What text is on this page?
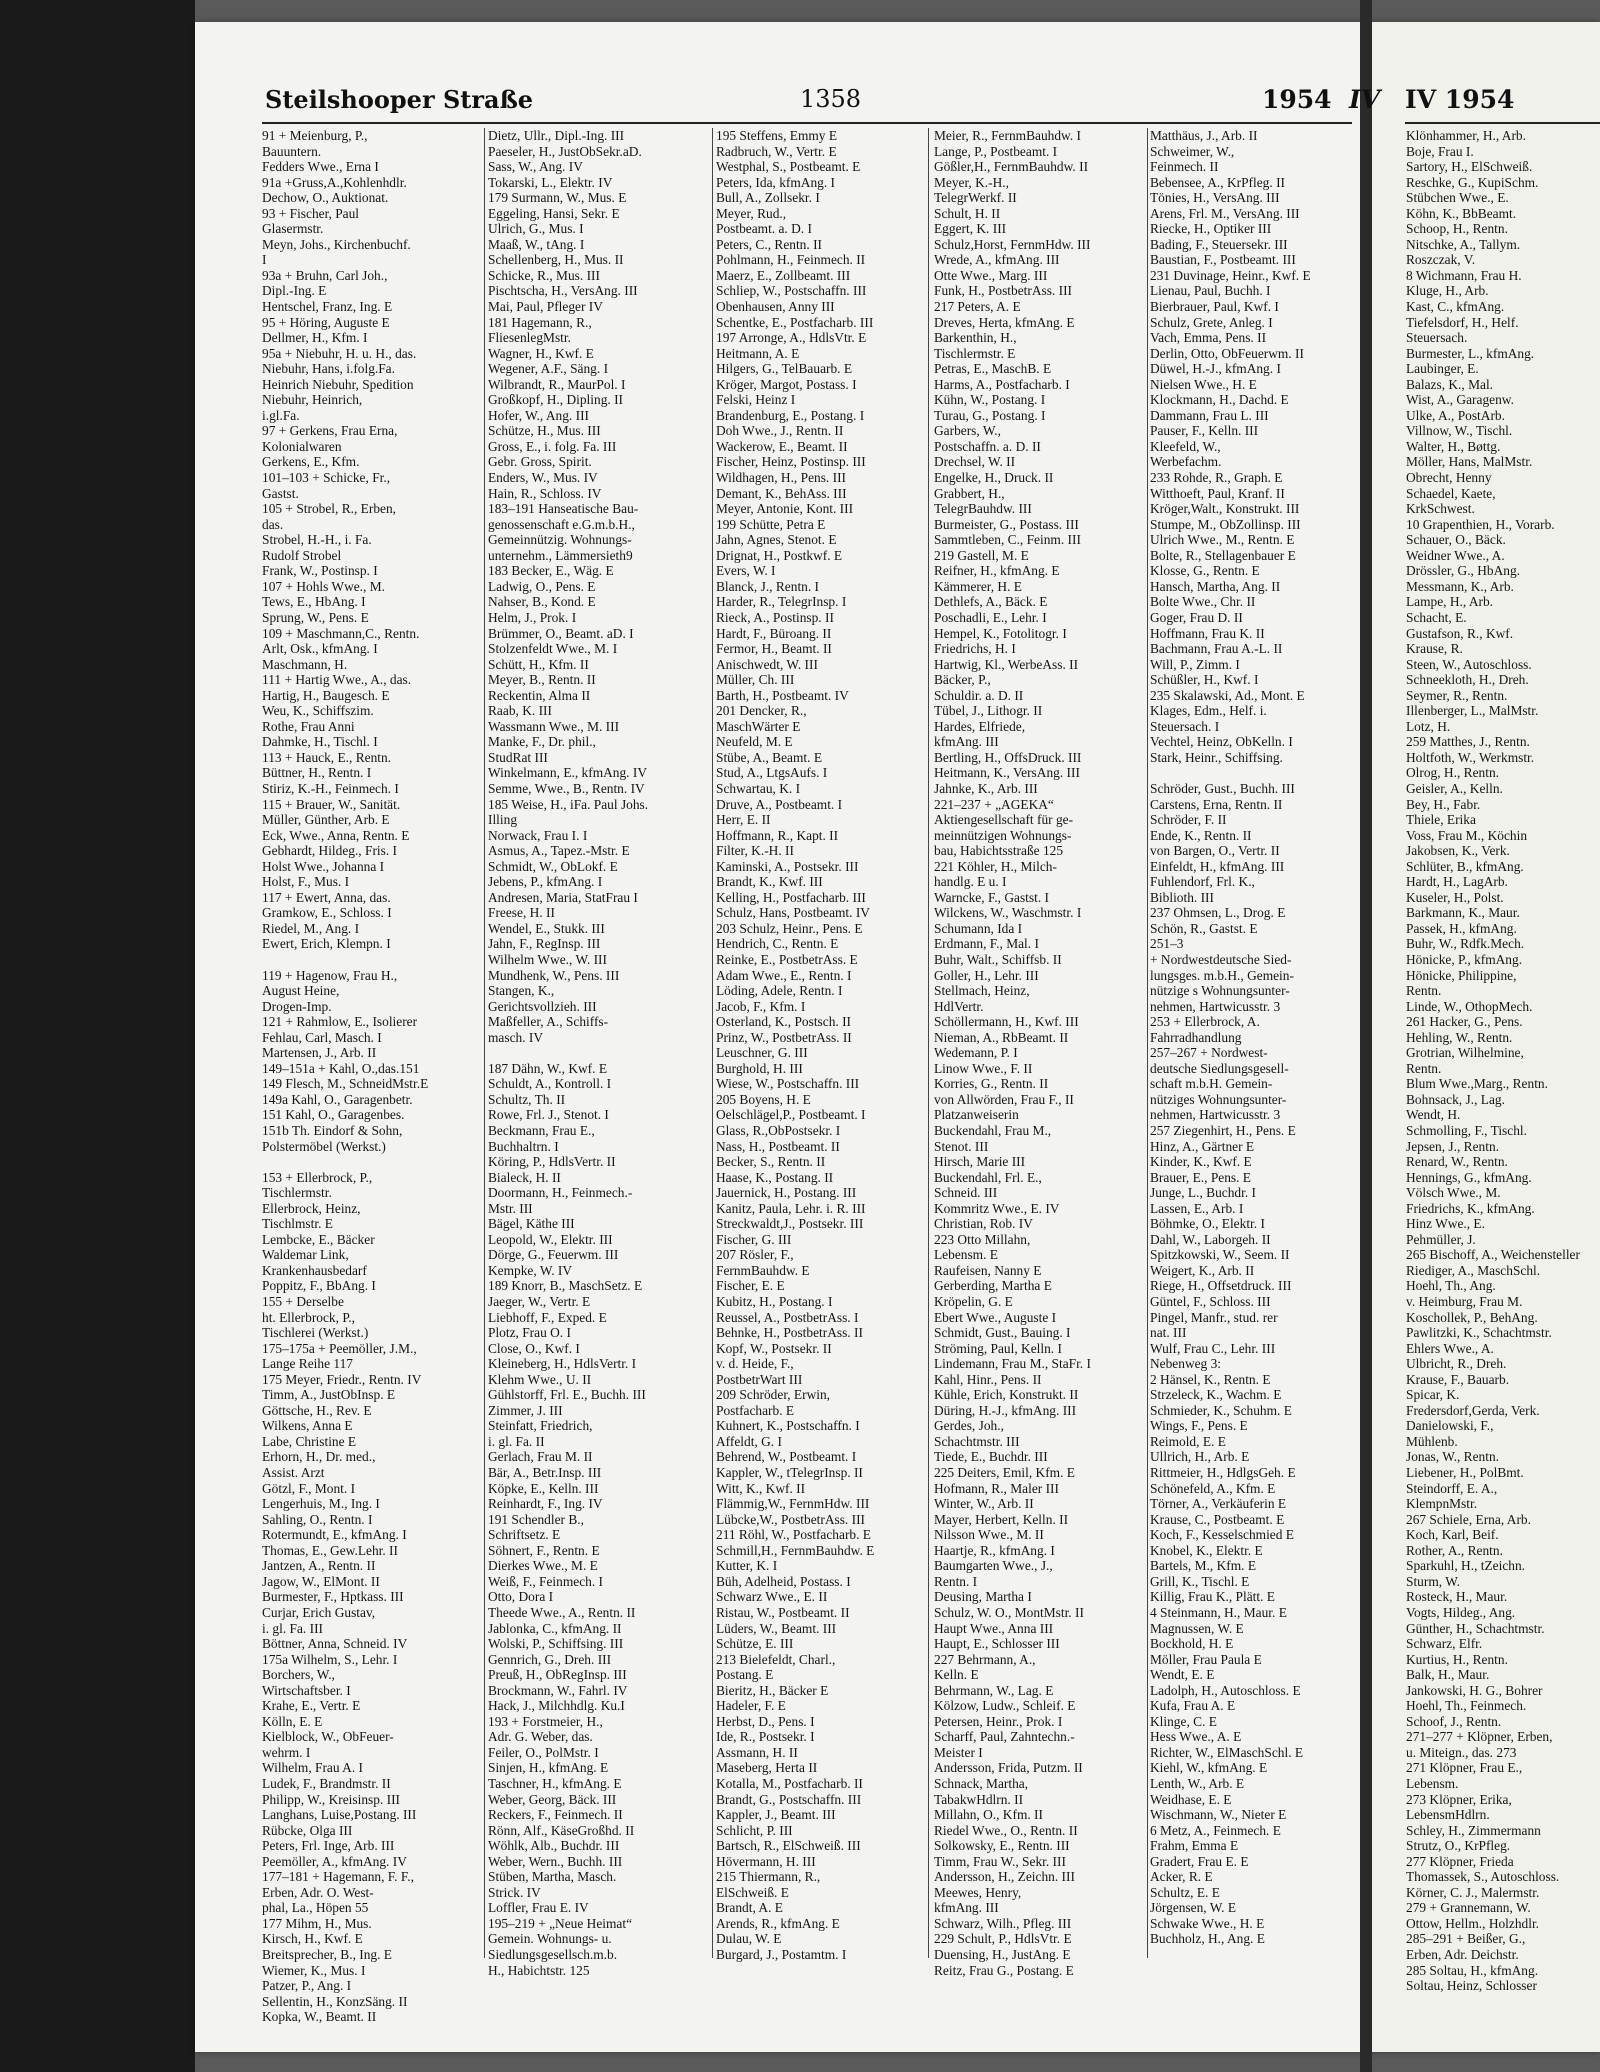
Steilshooper Straße	1358	1954 IV IV 1954
91 + Meienburg, P.,
Bauuntern.
Fedders Wwe., Erna I
91a +Gruss,A.,Kohlenhdlr.
Dechow, O., Auktionat.
93 + Fischer, Paul
Glasermstr.
Meyn, Johs., Kirchenbuchf.
I
93a + Bruhn, Carl Joh.,
Dipl.-Ing. E
Hentschel, Franz, Ing. E
95 + Höring, Auguste E
Dellmer, H., Kfm. I
95a + Niebuhr, H. u. H., das.
Niebuhr, Hans, i.folg.Fa.
Heinrich Niebuhr, Spedition
Niebuhr, Heinrich,
i.gl.Fa.
97 + Gerkens, Frau Erna,
Kolonialwaren
Gerkens, E., Kfm.
101–103 + Schicke, Fr.,
Gastst.
105 + Strobel, R., Erben,
das.
Strobel, H.-H., i. Fa.
Rudolf Strobel
Frank, W., Postinsp. I
107 + Hohls Wwe., M.
Tews, E., HbAng. I
Sprung, W., Pens. E
109 + Maschmann,C., Rentn.
Arlt, Osk., kfmAng. I
Maschmann, H.
111 + Hartig Wwe., A., das.
Hartig, H., Baugesch. E
Weu, K., Schiffszim.
Rothe, Frau Anni
Dahmke, H., Tischl. I
113 + Hauck, E., Rentn.
Büttner, H., Rentn. I
Stiriz, K.-H., Feinmech. I
115 + Brauer, W., Sanität.
Müller, Günther, Arb. E
Eck, Wwe., Anna, Rentn. E
Gebhardt, Hildeg., Fris. I
Holst Wwe., Johanna I
Holst, F., Mus. I
117 + Ewert, Anna, das.
Gramkow, E., Schloss. I
Riedel, M., Ang. I
Ewert, Erich, Klempn. I
119 + Hagenow, Frau H.,
August Heine,
Drogen-Imp.
121 + Rahmlow, E., Isolierer
Fehlau, Carl, Masch. I
Martensen, J., Arb. II
149–151a + Kahl, O.,das.151
149 Flesch, M., SchneidMstr.E
149a Kahl, O., Garagenbetr.
151 Kahl, O., Garagenbes.
151b Th. Eindorf & Sohn,
Polstermöbel (Werkst.)
153 + Ellerbrock, P.,
Tischlermstr.
Ellerbrock, Heinz,
Tischlmstr. E
Lembcke, E., Bäcker
Waldemar Link,
Krankenhausbedarf
Poppitz, F., BbAng. I
155 + Derselbe
ht. Ellerbrock, P.,
Tischlerei (Werkst.)
175–175a + Peemöller, J.M.,
Lange Reihe 117
175 Meyer, Friedr., Rentn. IV
Timm, A., JustObInsp. E
Göttsche, H., Rev. E
Wilkens, Anna E
Labe, Christine E
Erhorn, H., Dr. med.,
Assist. Arzt
Götzl, F., Mont. I
Lengerhuis, M., Ing. I
Sahling, O., Rentn. I
Rotermundt, E., kfmAng. I
Thomas, E., Gew.Lehr. II
Jantzen, A., Rentn. II
Jagow, W., ElMont. II
Burmester, F., Hptkass. III
Curjar, Erich Gustav,
i. gl. Fa. III
Böttner, Anna, Schneid. IV
175a Wilhelm, S., Lehr. I
Borchers, W.,
Wirtschaftsber. I
Krahe, E., Vertr. E
Kölln, E. E
Kielblock, W., ObFeuer-
wehrm. I
Wilhelm, Frau A. I
Ludek, F., Brandmstr. II
Philipp, W., Kreisinsp. III
Langhans, Luise,Postang. III
Rübcke, Olga III
Peters, Frl. Inge, Arb. III
Peemöller, A., kfmAng. IV
177–181 + Hagemann, F. F.,
Erben, Adr. O. West-
phal, La., Höpen 55
177 Mihm, H., Mus.
Kirsch, H., Kwf. E
Breitsprecher, B., Ing. E
Wiemer, K., Mus. I
Patzer, P., Ang. I
Sellentin, H., KonzSäng. II
Kopka, W., Beamt. II
Dietz, Ullr., Dipl.-Ing. III
Paeseler, H., JustObSekr.aD.
Sass, W., Ang. IV
Tokarski, L., Elektr. IV
179 Surmann, W., Mus. E
Eggeling, Hansi, Sekr. E
Ulrich, G., Mus. I
Maaß, W., tAng. I
Schellenberg, H., Mus. II
Schicke, R., Mus. III
Pischtscha, H., VersAng. III
Mai, Paul, Pfleger IV
181 Hagemann, R.,
FliesenlegMstr.
Wagner, H., Kwf. E
Wegener, A.F., Säng. I
Wilbrandt, R., MaurPol. I
Großkopf, H., Dipling. II
Hofer, W., Ang. III
Schütze, H., Mus. III
Gross, E., i. folg. Fa. III
Gebr. Gross, Spirit.
Enders, W., Mus. IV
Hain, R., Schloss. IV
183–191 Hanseatische Bau-
genossenschaft e.G.m.b.H.,
Gemeinnützig. Wohnungs-
unternehm., Lämmersieth9
183 Becker, E., Wäg. E
Ladwig, O., Pens. E
Nahser, B., Kond. E
Helm, J., Prok. I
Brümmer, O., Beamt. aD. I
Stolzenfeldt Wwe., M. I
Schütt, H., Kfm. II
Meyer, B., Rentn. II
Reckentin, Alma II
Raab, K. III
Wassmann Wwe., M. III
Manke, F., Dr. phil.,
StudRat III
Winkelmann, E., kfmAng. IV
Semme, Wwe., B., Rentn. IV
185 Weise, H., iFa. Paul Johs.
Illing
Norwack, Frau I. I
Asmus, A., Tapez.-Mstr. E
Schmidt, W., ObLokf. E
Jebens, P., kfmAng. I
Andresen, Maria, StatFrau I
Freese, H. II
Wendel, E., Stukk. III
Jahn, F., RegInsp. III
Wilhelm Wwe., W. III
Mundhenk, W., Pens. III
Stangen, K.,
Gerichtsvollzieh. III
Maßfeller, A., Schiffs-
masch. IV
187 Dähn, W., Kwf. E
Schuldt, A., Kontroll. I
Schultz, Th. II
Rowe, Frl. J., Stenot. I
Beckmann, Frau E.,
Buchhaltrn. I
Köring, P., HdlsVertr. II
Bialeck, H. II
Doormann, H., Feinmech.-
Mstr. III
Bägel, Käthe III
Leopold, W., Elektr. III
Dörge, G., Feuerwm. III
Kempke, W. IV
189 Knorr, B., MaschSetz. E
Jaeger, W., Vertr. E
Liebhoff, F., Exped. E
Plotz, Frau O. I
Close, O., Kwf. I
Kleineberg, H., HdlsVertr. I
Klehm Wwe., U. II
Gühlstorff, Frl. E., Buchh. III
Zimmer, J. III
Steinfatt, Friedrich,
i. gl. Fa. II
Gerlach, Frau M. II
Bär, A., Betr.Insp. III
Köpke, E., Kelln. III
Reinhardt, F., Ing. IV
191 Schendler B.,
Schriftsetz. E
Söhnert, F., Rentn. E
Dierkes Wwe., M. E
Weiß, F., Feinmech. I
Otto, Dora I
Theede Wwe., A., Rentn. II
Jablonka, C., kfmAng. II
Wolski, P., Schiffsing. III
Gennrich, G., Dreh. III
Preuß, H., ObRegInsp. III
Brockmann, W., Fahrl. IV
Hack, J., Milchhdlg. Ku.I
193 + Forstmeier, H.,
Adr. G. Weber, das.
Feiler, O., PolMstr. I
Sinjen, H., kfmAng. E
Taschner, H., kfmAng. E
Weber, Georg, Bäck. III
Reckers, F., Feinmech. II
Rönn, Alf., KäseGroßhd. II
Wöhlk, Alb., Buchdr. III
Weber, Wern., Buchh. III
Stüben, Martha, Masch.
Strick. IV
Loffler, Frau E. IV
195–219 + „Neue Heimat“
Gemein. Wohnungs- u.
Siedlungsgesellsch.m.b.
H., Habichtstr. 125
195 Steffens, Emmy E
Radbruch, W., Vertr. E
Westphal, S., Postbeamt. E
Peters, Ida, kfmAng. I
Bull, A., Zollsekr. I
Meyer, Rud.,
Postbeamt. a. D. I
Peters, C., Rentn. II
Pohlmann, H., Feinmech. II
Maerz, E., Zollbeamt. III
Schliep, W., Postschaffn. III
Obenhausen, Anny III
Schentke, E., Postfacharb. III
197 Arronge, A., HdlsVtr. E
Heitmann, A. E
Hilgers, G., TelBauarb. E
Kröger, Margot, Postass. I
Felski, Heinz I
Brandenburg, E., Postang. I
Doh Wwe., J., Rentn. II
Wackerow, E., Beamt. II
Fischer, Heinz, Postinsp. III
Wildhagen, H., Pens. III
Demant, K., BehAss. III
Meyer, Antonie, Kont. III
199 Schütte, Petra E
Jahn, Agnes, Stenot. E
Drignat, H., Postkwf. E
Evers, W. I
Blanck, J., Rentn. I
Harder, R., TelegrInsp. I
Rieck, A., Postinsp. II
Hardt, F., Büroang. II
Fermor, H., Beamt. II
Anischwedt, W. III
Müller, Ch. III
Barth, H., Postbeamt. IV
201 Dencker, R.,
MaschWärter E
Neufeld, M. E
Stübe, A., Beamt. E
Stud, A., LtgsAufs. I
Schwartau, K. I
Druve, A., Postbeamt. I
Herr, E. II
Hoffmann, R., Kapt. II
Filter, K.-H. II
Kaminski, A., Postsekr. III
Brandt, K., Kwf. III
Kelling, H., Postfacharb. III
Schulz, Hans, Postbeamt. IV
203 Schulz, Heinr., Pens. E
Hendrich, C., Rentn. E
Reinke, E., PostbetrAss. E
Adam Wwe., E., Rentn. I
Löding, Adele, Rentn. I
Jacob, F., Kfm. I
Osterland, K., Postsch. II
Prinz, W., PostbetrAss. II
Leuschner, G. III
Burghold, H. III
Wiese, W., Postschaffn. III
205 Boyens, H. E
Oelschlägel,P., Postbeamt. I
Glass, R.,ObPostsekr. I
Nass, H., Postbeamt. II
Becker, S., Rentn. II
Haase, K., Postang. II
Jauernick, H., Postang. III
Kanitz, Paula, Lehr. i. R. III
Streckwaldt,J., Postsekr. III
Fischer, G. III
207 Rösler, F.,
FernmBauhdw. E
Fischer, E. E
Kubitz, H., Postang. I
Reussel, A., PostbetrAss. I
Behnke, H., PostbetrAss. II
Kopf, W., Postsekr. II
v. d. Heide, F.,
PostbetrWart III
209 Schröder, Erwin,
Postfacharb. E
Kuhnert, K., Postschaffn. I
Affeldt, G. I
Behrend, W., Postbeamt. I
Kappler, W., tTelegrInsp. II
Witt, K., Kwf. II
Flämmig,W., FernmHdw. III
Lübcke,W., PostbetrAss. III
211 Röhl, W., Postfacharb. E
Schmill,H., FernmBauhdw. E
Kutter, K. I
Büh, Adelheid, Postass. I
Schwarz Wwe., E. II
Ristau, W., Postbeamt. II
Lüders, W., Beamt. III
Schütze, E. III
213 Bielefeldt, Charl.,
Postang. E
Bieritz, H., Bäcker E
Hadeler, F. E
Herbst, D., Pens. I
Ide, R., Postsekr. I
Assmann, H. II
Maseberg, Herta II
Kotalla, M., Postfacharb. II
Brandt, G., Postschaffn. III
Kappler, J., Beamt. III
Schlicht, P. III
Bartsch, R., ElSchweiß. III
Hövermann, H. III
215 Thiermann, R.,
ElSchweiß. E
Brandt, A. E
Arends, R., kfmAng. E
Dulau, W. E
Burgard, J., Postamtm. I
Meier, R., FernmBauhdw. I
Lange, P., Postbeamt. I
Gößler,H., FernmBauhdw. II
Meyer, K.-H.,
TelegrWerkf. II
Schult, H. II
Eggert, K. III
Schulz,Horst, FernmHdw. III
Wrede, A., kfmAng. III
Otte Wwe., Marg. III
Funk, H., PostbetrAss. III
217 Peters, A. E
Dreves, Herta, kfmAng. E
Barkenthin, H.,
Tischlermstr. E
Petras, E., MaschB. E
Harms, A., Postfacharb. I
Kühn, W., Postang. I
Turau, G., Postang. I
Garbers, W.,
Postschaffn. a. D. II
Drechsel, W. II
Engelke, H., Druck. II
Grabbert, H.,
TelegrBauhdw. III
Burmeister, G., Postass. III
Sammtleben, C., Feinm. III
219 Gastell, M. E
Reifner, H., kfmAng. E
Kämmerer, H. E
Dethlefs, A., Bäck. E
Poschadli, E., Lehr. I
Hempel, K., Fotolitogr. I
Friedrichs, H. I
Hartwig, Kl., WerbeAss. II
Bäcker, P.,
Schuldir. a. D. II
Tübel, J., Lithogr. II
Hardes, Elfriede,
kfmAng. III
Bertling, H., OffsDruck. III
Heitmann, K., VersAng. III
Jahnke, K., Arb. III
221–237 + „AGEKA“
Aktiengesellschaft für ge-
meinnützigen Wohnungs-
bau, Habichtsstraße 125
221 Köhler, H., Milch-
handlg. E u. I
Warncke, F., Gastst. I
Wilckens, W., Waschmstr. I
Schumann, Ida I
Erdmann, F., Mal. I
Buhr, Walt., Schiffsb. II
Goller, H., Lehr. III
Stellmach, Heinz,
HdlVertr.
Schöllermann, H., Kwf. III
Nieman, A., RbBeamt. II
Wedemann, P. I
Linow Wwe., F. II
Korries, G., Rentn. II
von Allwörden, Frau F., II
Platzanweiserin
Buckendahl, Frau M.,
Stenot. III
Hirsch, Marie III
Buckendahl, Frl. E.,
Schneid. III
Kommritz Wwe., E. IV
Christian, Rob. IV
223 Otto Millahn,
Lebensm. E
Raufeisen, Nanny E
Gerberding, Martha E
Kröpelin, G. E
Ebert Wwe., Auguste I
Schmidt, Gust., Bauing. I
Ströming, Paul, Kelln. I
Lindemann, Frau M., StaFr. I
Kahl, Hinr., Pens. II
Kühle, Erich, Konstrukt. II
Düring, H.-J., kfmAng. III
Gerdes, Joh.,
Schachtmstr. III
Tiede, E., Buchdr. III
225 Deiters, Emil, Kfm. E
Hofmann, R., Maler III
Winter, W., Arb. II
Mayer, Herbert, Kelln. II
Nilsson Wwe., M. II
Haartje, R., kfmAng. I
Baumgarten Wwe., J.,
Rentn. I
Deusing, Martha I
Schulz, W. O., MontMstr. II
Haupt Wwe., Anna III
Haupt, E., Schlosser III
227 Behrmann, A.,
Kelln. E
Behrmann, W., Lag. E
Kölzow, Ludw., Schleif. E
Petersen, Heinr., Prok. I
Scharff, Paul, Zahntechn.-
Meister I
Andersson, Frida, Putzm. II
Schnack, Martha,
TabakwHdlrn. II
Millahn, O., Kfm. II
Riedel Wwe., O., Rentn. II
Solkowsky, E., Rentn. III
Timm, Frau W., Sekr. III
Andersson, H., Zeichn. III
Meewes, Henry,
kfmAng. III
Schwarz, Wilh., Pfleg. III
229 Schult, P., HdlsVtr. E
Duensing, H., JustAng. E
Reitz, Frau G., Postang. E
Matthäus, J., Arb. II
Schweimer, W.,
Feinmech. II
Bebensee, A., KrPfleg. II
Tönies, H., VersAng. III
Arens, Frl. M., VersAng. III
Riecke, H., Optiker III
Bading, F., Steuersekr. III
Baustian, F., Postbeamt. III
231 Duvinage, Heinr., Kwf. E
Lienau, Paul, Buchh. I
Bierbrauer, Paul, Kwf. I
Schulz, Grete, Anleg. I
Vach, Emma, Pens. II
Derlin, Otto, ObFeuerwm. II
Düwel, H.-J., kfmAng. I
Nielsen Wwe., H. E
Klockmann, H., Dachd. E
Dammann, Frau L. III
Pauser, F., Kelln. III
Kleefeld, W.,
Werbefachm.
233 Rohde, R., Graph. E
Witthoeft, Paul, Kranf. II
Kröger,Walt., Konstrukt. III
Stumpe, M., ObZollinsp. III
Ulrich Wwe., M., Rentn. E
Bolte, R., Stellagenbauer E
Klosse, G., Rentn. E
Hansch, Martha, Ang. II
Bolte Wwe., Chr. II
Goger, Frau D. II
Hoffmann, Frau K. II
Bachmann, Frau A.-L. II
Will, P., Zimm. I
Schüßler, H., Kwf. I
235 Skalawski, Ad., Mont. E
Klages, Edm., Helf. i.
Steuersach. I
Vechtel, Heinz, ObKelln. I
Stark, Heinr., Schiffsing.
Schröder, Gust., Buchh. III
Carstens, Erna, Rentn. II
Schröder, F. II
Ende, K., Rentn. II
von Bargen, O., Vertr. II
Einfeldt, H., kfmAng. III
Fuhlendorf, Frl. K.,
Biblioth. III
237 Ohmsen, L., Drog. E
Schön, R., Gastst. E
251–3
+ Nordwestdeutsche Sied-
lungsges. m.b.H., Gemein-
nützige s Wohnungsunter-
nehmen, Hartwicusstr. 3
253 + Ellerbrock, A.
Fahrradhandlung
257–267 + Nordwest-
deutsche Siedlungsgesell-
schaft m.b.H. Gemein-
nütziges Wohnungsunter-
nehmen, Hartwicusstr. 3
257 Ziegenhirt, H., Pens. E
Hinz, A., Gärtner E
Kinder, K., Kwf. E
Brauer, E., Pens. E
Junge, L., Buchdr. I
Lassen, E., Arb. I
Böhmke, O., Elektr. I
Dahl, W., Laborgeh. II
Spitzkowski, W., Seem. II
Weigert, K., Arb. II
Riege, H., Offsetdruck. III
Güntel, F., Schloss. III
Pingel, Manfr., stud. rer
nat. III
Wulf, Frau C., Lehr. III
Nebenweg 3:
2 Hänsel, K., Rentn. E
Strzeleck, K., Wachm. E
Schmieder, K., Schuhm. E
Wings, F., Pens. E
Reimold, E. E
Ullrich, H., Arb. E
Rittmeier, H., HdlgsGeh. E
Schönefeld, A., Kfm. E
Törner, A., Verkäuferin E
Krause, C., Postbeamt. E
Koch, F., Kesselschmied E
Knobel, K., Elektr. E
Bartels, M., Kfm. E
Grill, K., Tischl. E
Killig, Frau K., Plätt. E
4 Steinmann, H., Maur. E
Magnussen, W. E
Bockhold, H. E
Möller, Frau Paula E
Wendt, E. E
Ladolph, H., Autoschloss. E
Kufa, Frau A. E
Klinge, C. E
Hess Wwe., A. E
Richter, W., ElMaschSchl. E
Kiehl, W., kfmAng. E
Lenth, W., Arb. E
Weidhase, E. E
Wischmann, W., Nieter E
6 Metz, A., Feinmech. E
Frahm, Emma E
Gradert, Frau E. E
Acker, R. E
Schultz, E. E
Jörgensen, W. E
Schwake Wwe., H. E
Buchholz, H., Ang. E
Klönhammer, H., Arb.
Boje, Frau I.
Sartory, H., ElSchweiß.
Reschke, G., KupiSchm.
Stübchen Wwe., E.
Köhn, K., BbBeamt.
Schoop, H., Rentn.
Nitschke, A., Tallym.
Roszczak, V.
8 Wichmann, Frau H.
Kluge, H., Arb.
Kast, C., kfmAng.
Tiefelsdorf, H., Helf.
Steuersach.
Burmester, L., kfmAng.
Laubinger, E.
Balazs, K., Mal.
Wist, A., Garagenw.
Ulke, A., PostArb.
Villnow, W., Tischl.
Walter, H., Bøttg.
Möller, Hans, MalMstr.
Obrecht, Henny
Schaedel, Kaete,
KrkSchwest.
10 Grapenthien, H., Vorarb.
Schauer, O., Bäck.
Weidner Wwe., A.
Drössler, G., HbAng.
Messmann, K., Arb.
Lampe, H., Arb.
Schacht, E.
Gustafson, R., Kwf.
Krause, R.
Steen, W., Autoschloss.
Schneekloth, H., Dreh.
Seymer, R., Rentn.
Illenberger, L., MalMstr.
Lotz, H.
259 Matthes, J., Rentn.
Holtfoth, W., Werkmstr.
Olrog, H., Rentn.
Geisler, A., Kelln.
Bey, H., Fabr.
Thiele, Erika
Voss, Frau M., Köchin
Jakobsen, K., Verk.
Schlüter, B., kfmAng.
Hardt, H., LagArb.
Kuseler, H., Polst.
Barkmann, K., Maur.
Passek, H., kfmAng.
Buhr, W., Rdfk.Mech.
Hönicke, P., kfmAng.
Hönicke, Philippine,
Rentn.
Linde, W., OthopMech.
261 Hacker, G., Pens.
Hehling, W., Rentn.
Grotrian, Wilhelmine,
Rentn.
Blum Wwe.,Marg., Rentn.
Bohnsack, J., Lag.
Wendt, H.
Schmolling, F., Tischl.
Jepsen, J., Rentn.
Renard, W., Rentn.
Hennings, G., kfmAng.
Völsch Wwe., M.
Friedrichs, K., kfmAng.
Hinz Wwe., E.
Pehmüller, J.
265 Bischoff, A., Weichensteller
Riediger, A., MaschSchl.
Hoehl, Th., Ang.
v. Heimburg, Frau M.
Koschollek, P., BehAng.
Pawlitzki, K., Schachtmstr.
Ehlers Wwe., A.
Ulbricht, R., Dreh.
Krause, F., Bauarb.
Spicar, K.
Fredersdorf,Gerda, Verk.
Danielowski, F.,
Mühlenb.
Jonas, W., Rentn.
Liebener, H., PolBmt.
Steindorff, E. A.,
KlempnMstr.
267 Schiele, Erna, Arb.
Koch, Karl, Beif.
Rother, A., Rentn.
Sparkuhl, H., tZeichn.
Sturm, W.
Rosteck, H., Maur.
Vogts, Hildeg., Ang.
Günther, H., Schachtmstr.
Schwarz, Elfr.
Kurtius, H., Rentn.
Balk, H., Maur.
Jankowski, H. G., Bohrer
Hoehl, Th., Feinmech.
Schoof, J., Rentn.
271–277 + Klöpner, Erben,
u. Miteign., das. 273
271 Klöpner, Frau E.,
Lebensm.
273 Klöpner, Erika,
LebensmHdlrn.
Schley, H., Zimmermann
Strutz, O., KrPfleg.
277 Klöpner, Frieda
Thomassek, S., Autoschloss.
Körner, C. J., Malermstr.
279 + Grannemann, W.
Ottow, Hellm., Holzhdlr.
285–291 + Beißer, G.,
Erben, Adr. Deichstr.
285 Soltau, H., kfmAng.
Soltau, Heinz, Schlosser
